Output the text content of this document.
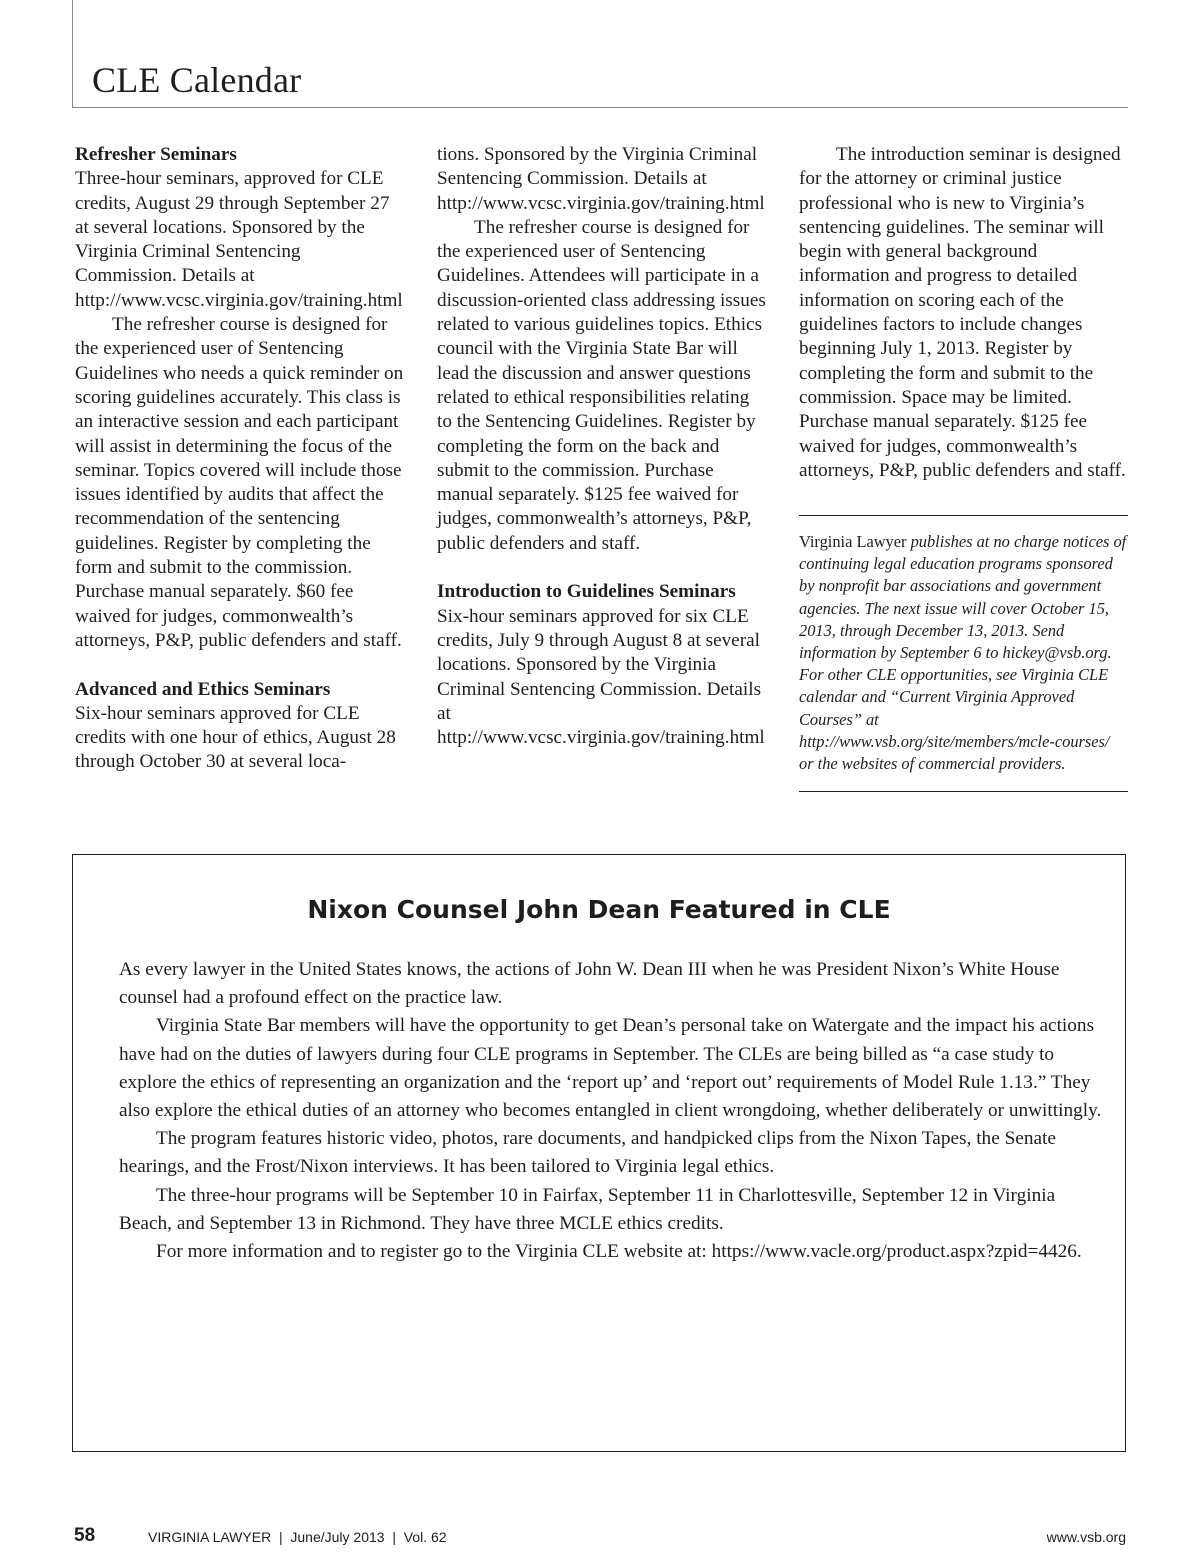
CLE Calendar
Refresher Seminars

Three-hour seminars, approved for CLE credits, August 29 through September 27 at several locations. Sponsored by the Virginia Criminal Sentencing Commission. Details at http://www.vcsc.virginia.gov/training.html

The refresher course is designed for the experienced user of Sentencing Guidelines who needs a quick reminder on scoring guidelines accurately. This class is an interactive session and each participant will assist in determining the focus of the seminar. Topics covered will include those issues identified by audits that affect the recommendation of the sentencing guidelines. Register by completing the form and submit to the commission. Purchase manual separately. $60 fee waived for judges, commonwealth’s attorneys, P&P, public defenders and staff.

Advanced and Ethics Seminars

Six-hour seminars approved for CLE credits with one hour of ethics, August 28 through October 30 at several loca-

tions. Sponsored by the Virginia Criminal Sentencing Commission. Details at http://www.vcsc.virginia.gov/training.html

The refresher course is designed for the experienced user of Sentencing Guidelines. Attendees will participate in a discussion-oriented class addressing issues related to various guidelines topics. Ethics council with the Virginia State Bar will lead the discussion and answer questions related to ethical responsibilities relating to the Sentencing Guidelines. Register by completing the form on the back and submit to the commission. Purchase manual separately. $125 fee waived for judges, commonwealth’s attorneys, P&P, public defenders and staff.

Introduction to Guidelines Seminars

Six-hour seminars approved for six CLE credits, July 9 through August 8 at several locations. Sponsored by the Virginia Criminal Sentencing Commission. Details at http://www.vcsc.virginia.gov/training.html

The introduction seminar is designed for the attorney or criminal justice professional who is new to Virginia’s sentencing guidelines. The seminar will begin with general background information and progress to detailed information on scoring each of the guidelines factors to include changes beginning July 1, 2013. Register by completing the form and submit to the commission. Space may be limited. Purchase manual separately. $125 fee waived for judges, commonwealth’s attorneys, P&P, public defenders and staff.

Virginia Lawyer publishes at no charge notices of continuing legal education programs sponsored by nonprofit bar associations and government agencies. The next issue will cover October 15, 2013, through December 13, 2013. Send information by September 6 to hickey@vsb.org. For other CLE opportunities, see Virginia CLE calendar and “Current Virginia Approved Courses” at http://www.vsb.org/site/members/mcle-courses/ or the websites of commercial providers.
Nixon Counsel John Dean Featured in CLE

As every lawyer in the United States knows, the actions of John W. Dean III when he was President Nixon’s White House counsel had a profound effect on the practice law.

Virginia State Bar members will have the opportunity to get Dean’s personal take on Watergate and the impact his actions have had on the duties of lawyers during four CLE programs in September. The CLEs are being billed as “a case study to explore the ethics of representing an organization and the ‘report up’ and ‘report out’ requirements of Model Rule 1.13.” They also explore the ethical duties of an attorney who becomes entangled in client wrongdoing, whether deliberately or unwittingly.

The program features historic video, photos, rare documents, and handpicked clips from the Nixon Tapes, the Senate hearings, and the Frost/Nixon interviews. It has been tailored to Virginia legal ethics.

The three-hour programs will be September 10 in Fairfax, September 11 in Charlottesville, September 12 in Virginia Beach, and September 13 in Richmond. They have three MCLE ethics credits.

For more information and to register go to the Virginia CLE website at: https://www.vacle.org/product.aspx?zpid=4426.

58	VIRGINIA LAWYER  |  June/July 2013  |  Vol. 62	www.vsb.org
